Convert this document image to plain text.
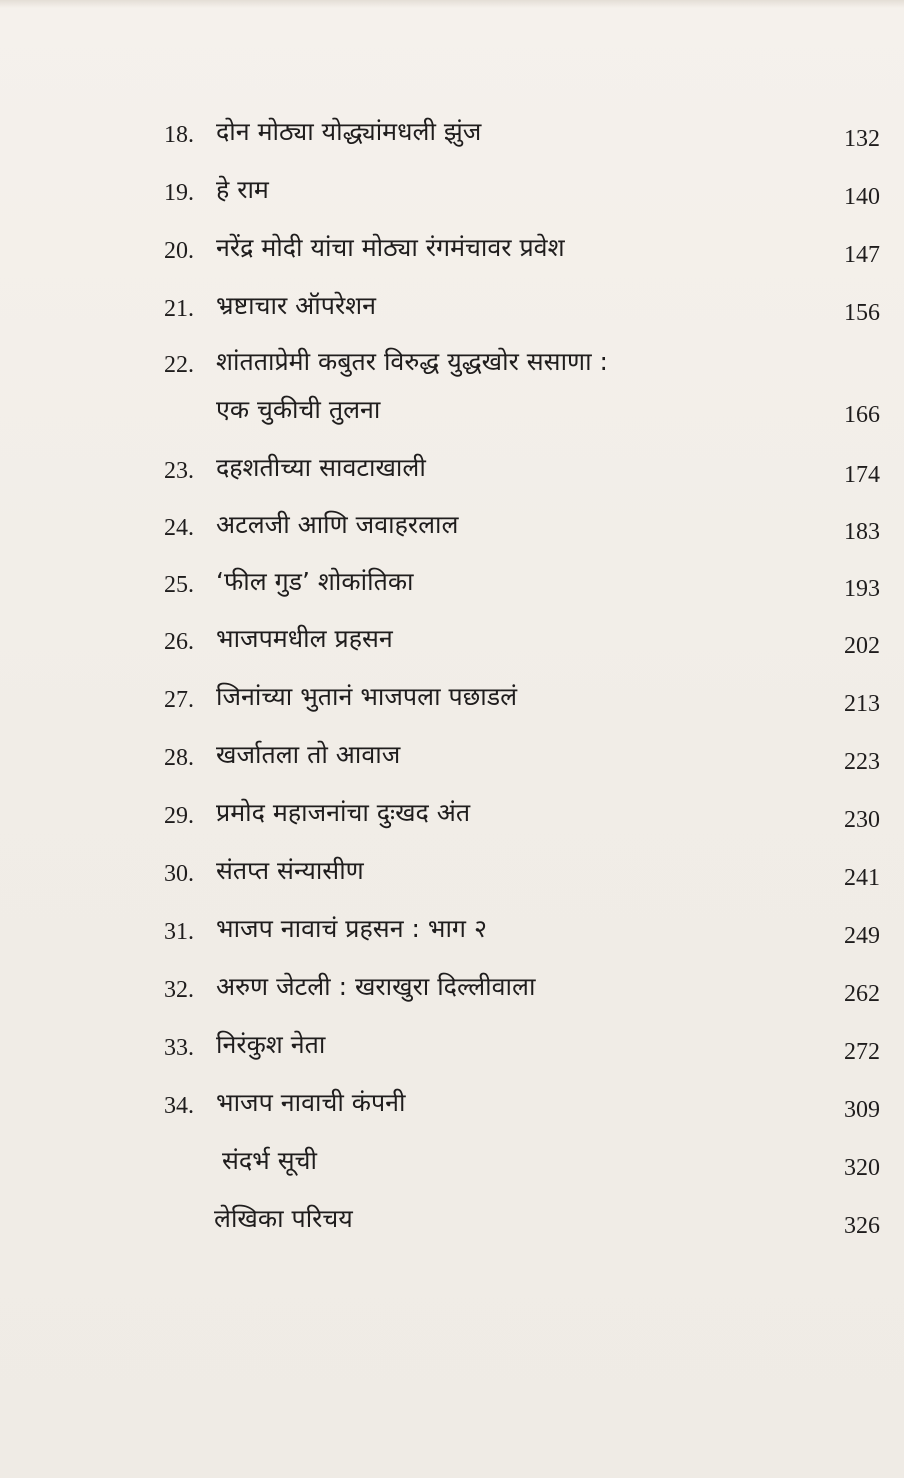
18. दोन मोठ्या योद्ध्यांमधली झुंज	132
19. हे राम	140
20. नरेंद्र मोदी यांचा मोठ्या रंगमंचावर प्रवेश	147
21. भ्रष्टाचार ऑपरेशन	156
22. शांतताप्रेमी कबुतर विरुद्ध युद्धखोर ससाणा :
एक चुकीची तुलना	166
23. दहशतीच्या सावटाखाली	174
24. अटलजी आणि जवाहरलाल	183
25. ‘फील गुड’ शोकांतिका	193
26. भाजपमधील प्रहसन	202
27. जिनांच्या भुतानं भाजपला पछाडलं	213
28. खर्जातला तो आवाज	223
29. प्रमोद महाजनांचा दुःखद अंत	230
30. संतप्त संन्यासीण	241
31. भाजप नावाचं प्रहसन : भाग २	249
32. अरुण जेटली : खराखुरा दिल्लीवाला	262
33. निरंकुश नेता	272
34. भाजप नावाची कंपनी	309
संदर्भ सूची	320
लेखिका परिचय	326
